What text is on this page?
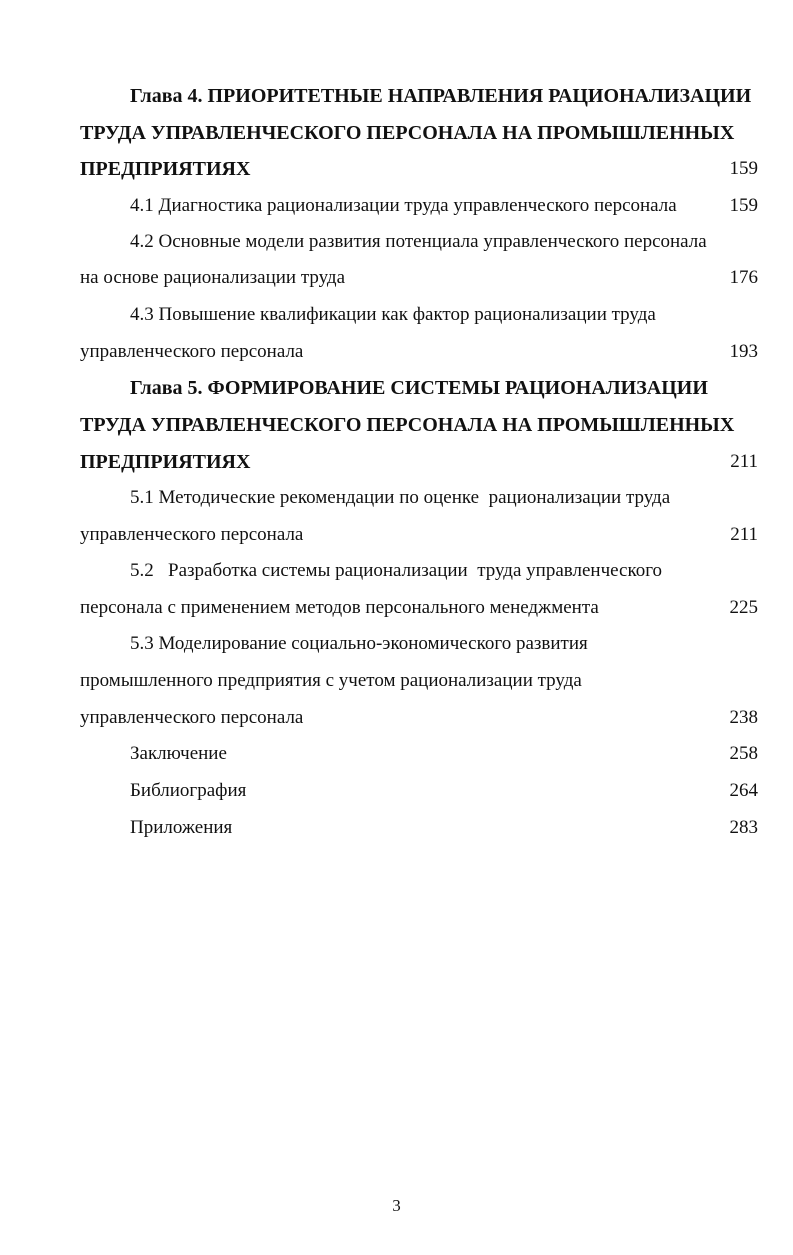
Глава 4. ПРИОРИТЕТНЫЕ НАПРАВЛЕНИЯ РАЦИОНАЛИЗАЦИИ
ТРУДА УПРАВЛЕНЧЕСКОГО ПЕРСОНАЛА НА ПРОМЫШЛЕННЫХ
ПРЕДПРИЯТИЯХ	159
4.1 Диагностика рационализации труда управленческого персонала	159
4.2 Основные модели развития потенциала управленческого персонала
на основе рационализации труда	176
4.3 Повышение квалификации как фактор рационализации труда
управленческого персонала	193
Глава 5. ФОРМИРОВАНИЕ СИСТЕМЫ РАЦИОНАЛИЗАЦИИ
ТРУДА УПРАВЛЕНЧЕСКОГО ПЕРСОНАЛА НА ПРОМЫШЛЕННЫХ
ПРЕДПРИЯТИЯХ	211
5.1 Методические рекомендации по оценке  рационализации труда
управленческого персонала	211
5.2   Разработка системы рационализации  труда управленческого
персонала с применением методов персонального менеджмента	225
5.3 Моделирование социально-экономического развития
промышленного предприятия с учетом рационализации труда
управленческого персонала	238
Заключение	258
Библиография	264
Приложения	283
3
